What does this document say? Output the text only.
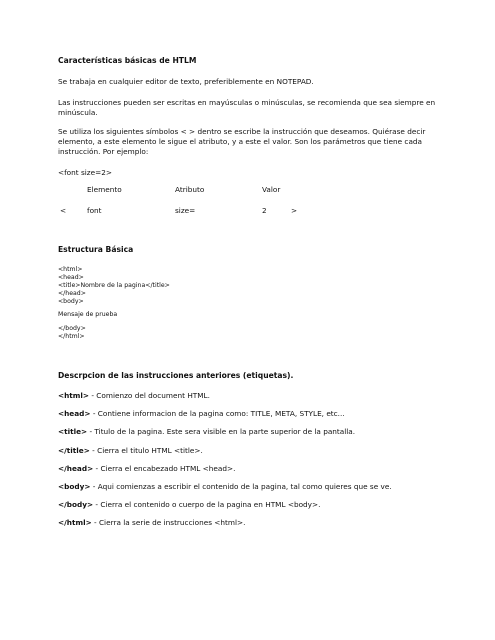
Características básicas de HTLM
Se trabaja en cualquier editor de texto, preferiblemente en NOTEPAD.
Las instrucciones pueden ser escritas en mayúsculas o minúsculas, se recomienda que sea siempre en minúscula.
Se utiliza los siguientes símbolos < > dentro se escribe la instrucción que deseamos. Quiérase decir elemento, a este elemento le sigue el atributo, y a este el valor. Son los parámetros que tiene cada instrucción. Por ejemplo:
<font size=2>
Elemento	Atributo	Valor
<	font	size=	2	>
Estructura Básica
<html>
<head>
<title>Nombre de la pagina</title>
</head>
<body>
Mensaje de prueba
</body>
</html>
Descrpcion de las instrucciones anteriores (etiquetas).
<html> - Comienzo del document HTML.
<head> - Contiene informacion de la pagina como: TITLE, META, STYLE, etc...
<title> - Titulo de la pagina. Este sera visible en la parte superior de la pantalla.
</title> - Cierra el titulo HTML <title>.
</head> - Cierra el encabezado HTML <head>.
<body> - Aqui comienzas a escribir el contenido de la pagina, tal como quieres que se ve.
</body> - Cierra el contenido o cuerpo de la pagina en HTML <body>.
</html> - Cierra la serie de instrucciones <html>.
